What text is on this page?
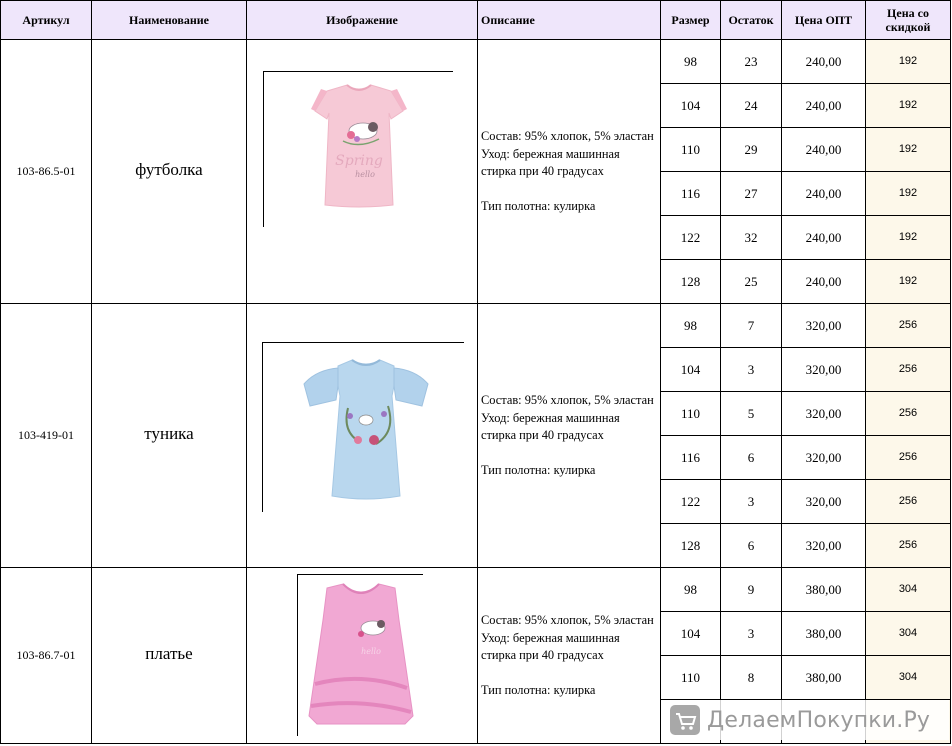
Артикул	Наименование	Изображение	Описание	Размер	Остаток	Цена ОПТ	Цена со скидкой
103-86.5-01	футболка		Состав: 95% хлопок, 5% эластан
Уход: бережная машинная стирка при 40 градусах
Тип полотна: кулирка	98	23	240,00	192
				104	24	240,00	192
				110	29	240,00	192
				116	27	240,00	192
				122	32	240,00	192
				128	25	240,00	192
103-419-01	туника		Состав: 95% хлопок, 5% эластан
Уход: бережная машинная стирка при 40 градусах
Тип полотна: кулирка	98	7	320,00	256
				104	3	320,00	256
				110	5	320,00	256
				116	6	320,00	256
				122	3	320,00	256
				128	6	320,00	256
103-86.7-01	платье		Состав: 95% хлопок, 5% эластан
Уход: бережная машинная стирка при 40 градусах
Тип полотна: кулирка	98	9	380,00	304
				104	3	380,00	304
				110	8	380,00	304

Spring
hello
hello
ДелаемПокупки.Ру
